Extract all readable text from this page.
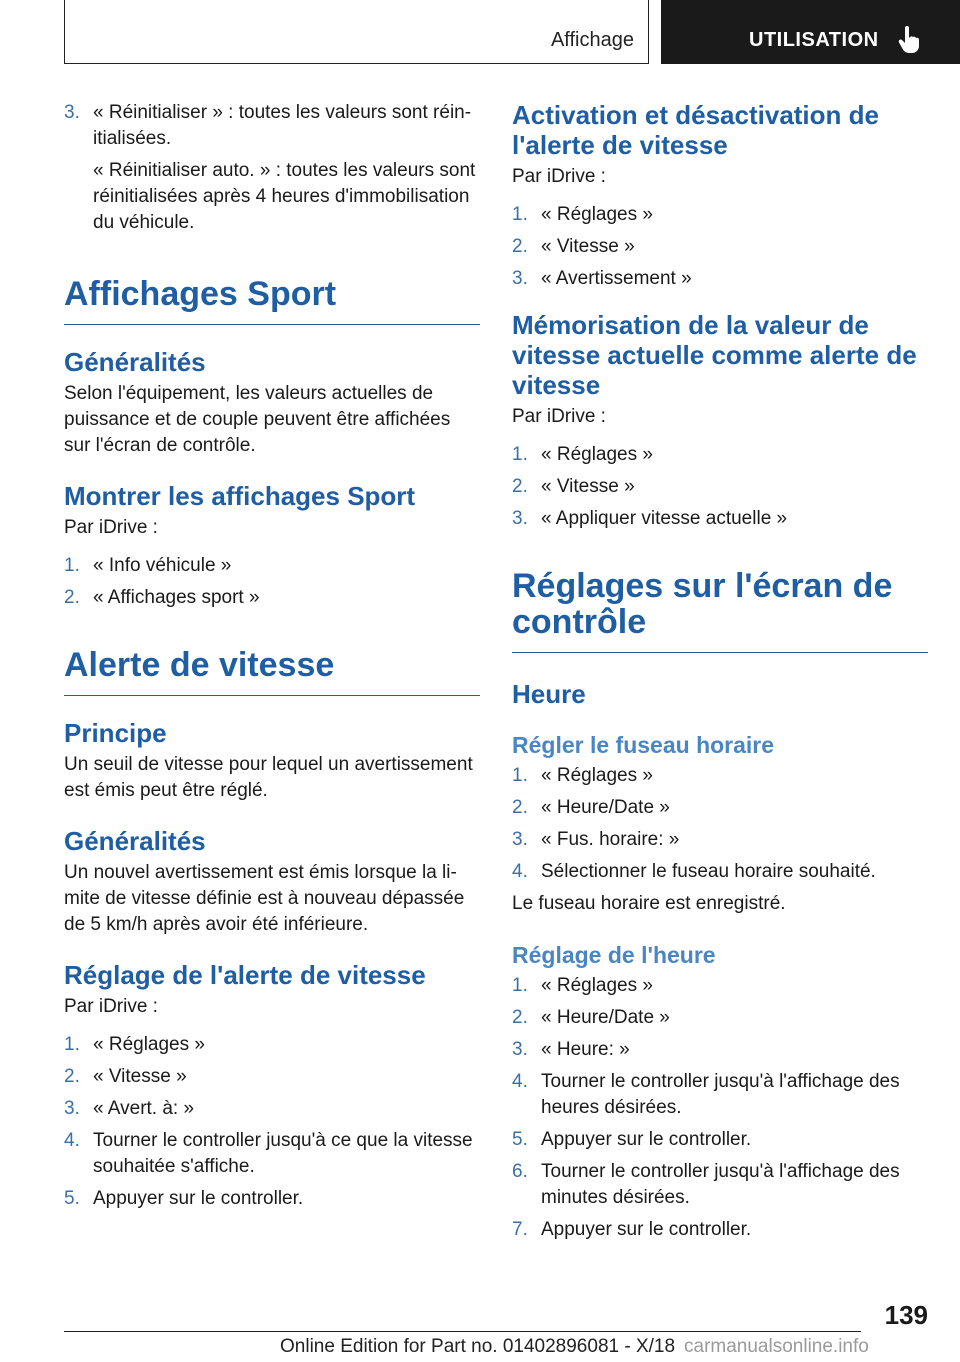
Affichage	UTILISATION
3. « Réinitialiser » : toutes les valeurs sont réin‐
itialisées.
« Réinitialiser auto. » : toutes les valeurs sont
réinitialisées après 4 heures d'immobilisation
du véhicule.
Affichages Sport
Généralités

Selon l'équipement, les valeurs actuelles de
puissance et de couple peuvent être affichées
sur l'écran de contrôle.

Montrer les affichages Sport

Par iDrive :

1. « Info véhicule »
2. « Affichages sport »
Alerte de vitesse
Principe

Un seuil de vitesse pour lequel un avertissement
est émis peut être réglé.

Généralités

Un nouvel avertissement est émis lorsque la li‐
mite de vitesse définie est à nouveau dépassée
de 5 km/h après avoir été inférieure.

Réglage de l'alerte de vitesse

Par iDrive :

1. « Réglages »
2. « Vitesse »
3. « Avert. à: »
4. Tourner le controller jusqu'à ce que la vitesse
souhaitée s'affiche.
5. Appuyer sur le controller.
Activation et désactivation de
l'alerte de vitesse

Par iDrive :

1. « Réglages »
2. « Vitesse »
3. « Avertissement »
Mémorisation de la valeur de
vitesse actuelle comme alerte de
vitesse

Par iDrive :

1. « Réglages »
2. « Vitesse »
3. « Appliquer vitesse actuelle »
Réglages sur l'écran de
contrôle
Heure
Régler le fuseau horaire
1. « Réglages »
2. « Heure/Date »
3. « Fus. horaire: »
4. Sélectionner le fuseau horaire souhaité.

Le fuseau horaire est enregistré.

Réglage de l'heure
1. « Réglages »
2. « Heure/Date »
3. « Heure: »
4. Tourner le controller jusqu'à l'affichage des
heures désirées.
5. Appuyer sur le controller.
6. Tourner le controller jusqu'à l'affichage des
minutes désirées.
7. Appuyer sur le controller.
139
Online Edition for Part no. 01402896081 - X/18 carmanualsonline.info
